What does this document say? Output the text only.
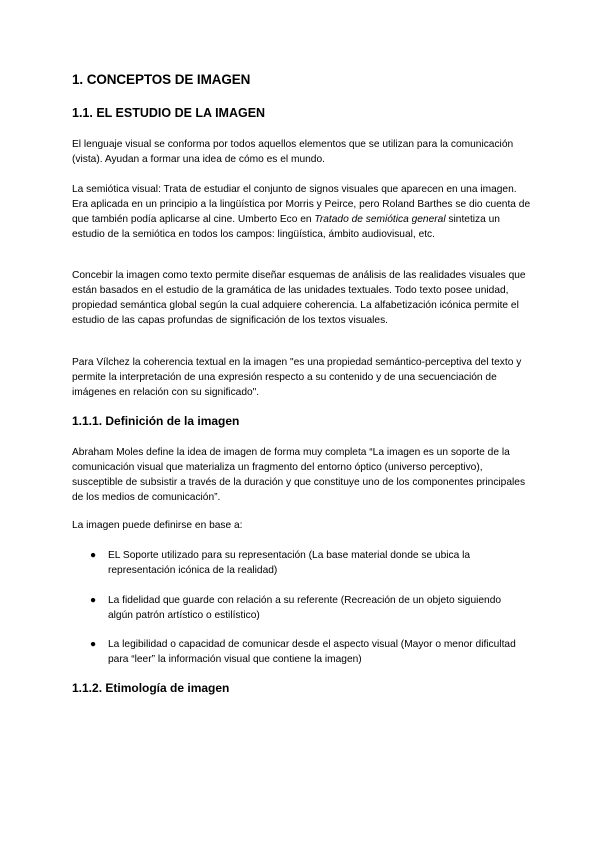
1. CONCEPTOS DE IMAGEN
1.1. EL ESTUDIO DE LA IMAGEN

El lenguaje visual se conforma por todos aquellos elementos que se utilizan para la comunicación (vista). Ayudan a formar una idea de cómo es el mundo.

La semiótica visual: Trata de estudiar el conjunto de signos visuales que aparecen en una imagen. Era aplicada en un principio a la lingüística por Morris y Peirce, pero Roland Barthes se dio cuenta de que también podía aplicarse al cine. Umberto Eco en Tratado de semiótica general sintetiza un estudio de la semiótica en todos los campos: lingüística, ámbito audiovisual, etc.

Concebir la imagen como texto permite diseñar esquemas de análisis de las realidades visuales que están basados en el estudio de la gramática de las unidades textuales. Todo texto posee unidad, propiedad semántica global según la cual adquiere coherencia. La alfabetización icónica permite el estudio de las capas profundas de significación de los textos visuales.

Para Vílchez la coherencia textual en la imagen "es una propiedad semántico-perceptiva del texto y permite la interpretación de una expresión respecto a su contenido y de una secuenciación de imágenes en relación con su significado".

1.1.1. Definición de la imagen

Abraham Moles define la idea de imagen de forma muy completa “La imagen es un soporte de la comunicación visual que materializa un fragmento del entorno óptico (universo perceptivo), susceptible de subsistir a través de la duración y que constituye uno de los componentes principales de los medios de comunicación”.

La imagen puede definirse en base a:

● EL Soporte utilizado para su representación (La base material donde se ubica la representación icónica de la realidad)
● La fidelidad que guarde con relación a su referente (Recreación de un objeto siguiendo algún patrón artístico o estilístico)
● La legibilidad o capacidad de comunicar desde el aspecto visual (Mayor o menor dificultad para “leer” la información visual que contiene la imagen)
1.1.2. Etimología de imagen
